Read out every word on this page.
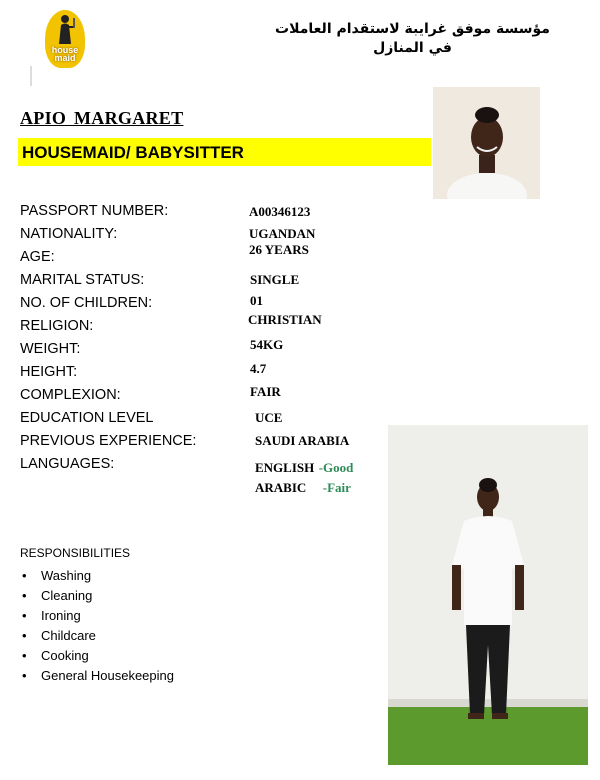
house maid
مؤسسة موفق غرايبة لاستقدام العاملات في المنازل
APIO MARGARET
HOUSEMAID/ BABYSITTER
PASSPORT NUMBER:	A00346123
NATIONALITY:	UGANDAN
AGE:	26 YEARS
MARITAL STATUS:	SINGLE
NO. OF CHILDREN:	01
RELIGION:	CHRISTIAN
WEIGHT:	54KG
HEIGHT:	4.7
COMPLEXION:	FAIR
EDUCATION LEVEL	UCE
PREVIOUS EXPERIENCE:	SAUDI ARABIA
LANGUAGES:	ENGLISH -Good
ARABIC -Fair
RESPONSIBILITIES
• Washing
• Cleaning
• Ironing
• Childcare
• Cooking
• General Housekeeping
